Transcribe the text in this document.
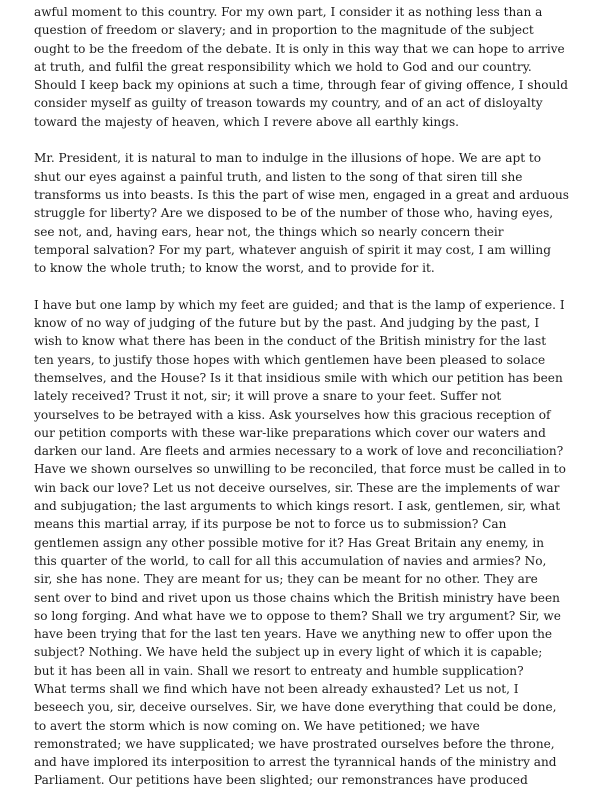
awful moment to this country. For my own part, I consider it as nothing less than a
question of freedom or slavery; and in proportion to the magnitude of the subject
ought to be the freedom of the debate. It is only in this way that we can hope to arrive
at truth, and fulfil the great responsibility which we hold to God and our country.
Should I keep back my opinions at such a time, through fear of giving offence, I should
consider myself as guilty of treason towards my country, and of an act of disloyalty
toward the majesty of heaven, which I revere above all earthly kings.
Mr. President, it is natural to man to indulge in the illusions of hope. We are apt to
shut our eyes against a painful truth, and listen to the song of that siren till she
transforms us into beasts. Is this the part of wise men, engaged in a great and arduous
struggle for liberty? Are we disposed to be of the number of those who, having eyes,
see not, and, having ears, hear not, the things which so nearly concern their
temporal salvation? For my part, whatever anguish of spirit it may cost, I am willing
to know the whole truth; to know the worst, and to provide for it.
I have but one lamp by which my feet are guided; and that is the lamp of experience. I
know of no way of judging of the future but by the past. And judging by the past, I
wish to know what there has been in the conduct of the British ministry for the last
ten years, to justify those hopes with which gentlemen have been pleased to solace
themselves, and the House? Is it that insidious smile with which our petition has been
lately received? Trust it not, sir; it will prove a snare to your feet. Suffer not
yourselves to be betrayed with a kiss. Ask yourselves how this gracious reception of
our petition comports with these war-like preparations which cover our waters and
darken our land. Are fleets and armies necessary to a work of love and reconciliation?
Have we shown ourselves so unwilling to be reconciled, that force must be called in to
win back our love? Let us not deceive ourselves, sir. These are the implements of war
and subjugation; the last arguments to which kings resort. I ask, gentlemen, sir, what
means this martial array, if its purpose be not to force us to submission? Can
gentlemen assign any other possible motive for it? Has Great Britain any enemy, in
this quarter of the world, to call for all this accumulation of navies and armies? No,
sir, she has none. They are meant for us; they can be meant for no other. They are
sent over to bind and rivet upon us those chains which the British ministry have been
so long forging. And what have we to oppose to them? Shall we try argument? Sir, we
have been trying that for the last ten years. Have we anything new to offer upon the
subject? Nothing. We have held the subject up in every light of which it is capable;
but it has been all in vain. Shall we resort to entreaty and humble supplication?
What terms shall we find which have not been already exhausted? Let us not, I
beseech you, sir, deceive ourselves. Sir, we have done everything that could be done,
to avert the storm which is now coming on. We have petitioned; we have
remonstrated; we have supplicated; we have prostrated ourselves before the throne,
and have implored its interposition to arrest the tyrannical hands of the ministry and
Parliament. Our petitions have been slighted; our remonstrances have produced
